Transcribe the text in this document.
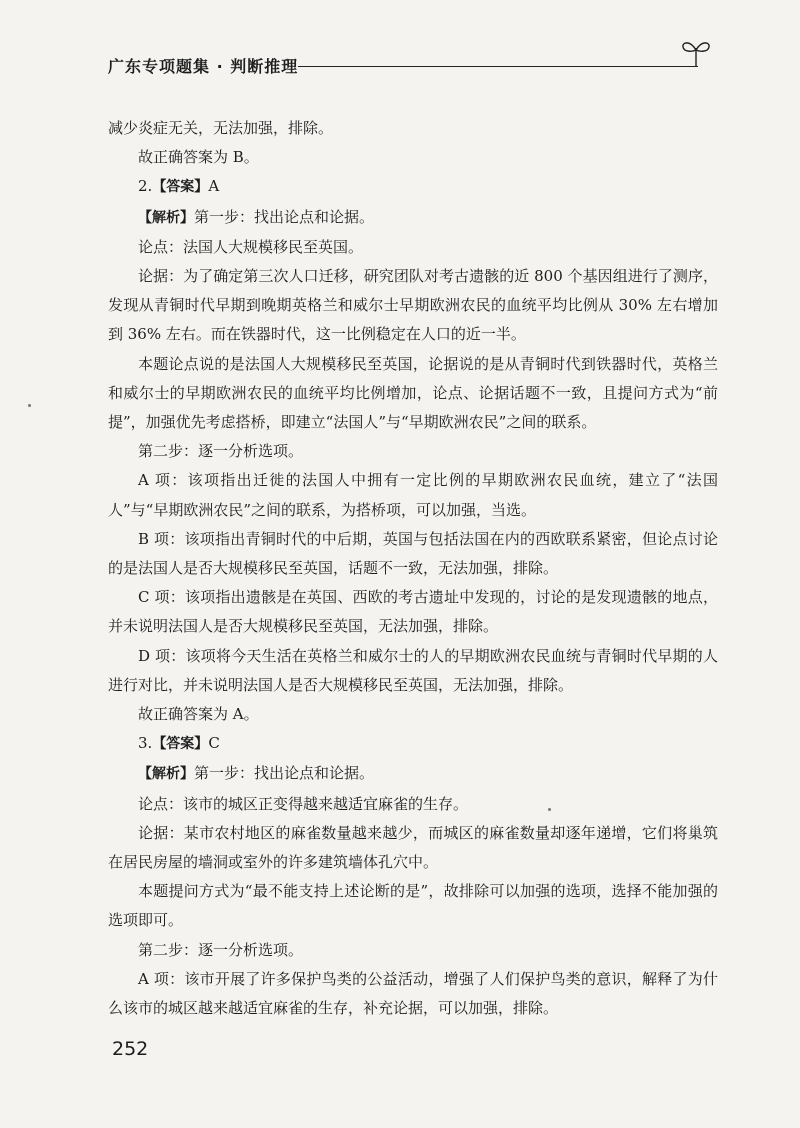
广东专项题集 · 判断推理

减少炎症无关，无法加强，排除。

故正确答案为 B。

2.【答案】A

【解析】第一步：找出论点和论据。

论点：法国人大规模移民至英国。

论据：为了确定第三次人口迁移，研究团队对考古遗骸的近 800 个基因组进行了测序，发现从青铜时代早期到晚期英格兰和威尔士早期欧洲农民的血统平均比例从 30% 左右增加到 36% 左右。而在铁器时代，这一比例稳定在人口的近一半。

本题论点说的是法国人大规模移民至英国，论据说的是从青铜时代到铁器时代，英格兰和威尔士的早期欧洲农民的血统平均比例增加，论点、论据话题不一致，且提问方式为“前提”，加强优先考虑搭桥，即建立“法国人”与“早期欧洲农民”之间的联系。

第二步：逐一分析选项。

A 项：该项指出迁徙的法国人中拥有一定比例的早期欧洲农民血统，建立了“法国人”与“早期欧洲农民”之间的联系，为搭桥项，可以加强，当选。

B 项：该项指出青铜时代的中后期，英国与包括法国在内的西欧联系紧密，但论点讨论的是法国人是否大规模移民至英国，话题不一致，无法加强，排除。

C 项：该项指出遗骸是在英国、西欧的考古遗址中发现的，讨论的是发现遗骸的地点，并未说明法国人是否大规模移民至英国，无法加强，排除。

D 项：该项将今天生活在英格兰和威尔士的人的早期欧洲农民血统与青铜时代早期的人进行对比，并未说明法国人是否大规模移民至英国，无法加强，排除。

故正确答案为 A。

3.【答案】C

【解析】第一步：找出论点和论据。

论点：该市的城区正变得越来越适宜麻雀的生存。

论据：某市农村地区的麻雀数量越来越少，而城区的麻雀数量却逐年递增，它们将巢筑在居民房屋的墙洞或室外的许多建筑墙体孔穴中。

本题提问方式为“最不能支持上述论断的是”，故排除可以加强的选项，选择不能加强的选项即可。

第二步：逐一分析选项。

A 项：该市开展了许多保护鸟类的公益活动，增强了人们保护鸟类的意识，解释了为什么该市的城区越来越适宜麻雀的生存，补充论据，可以加强，排除。

252
